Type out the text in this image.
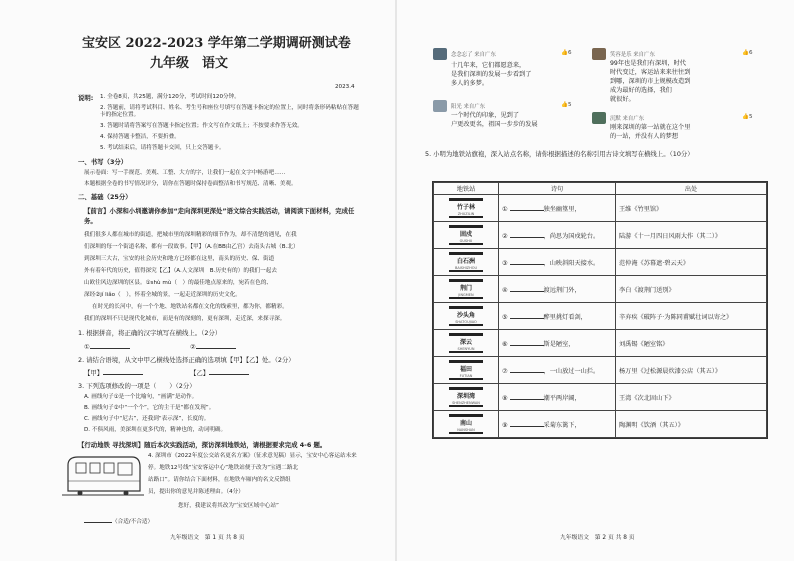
宝安区 2022-2023 学年第二学期调研测试卷
九年级　语文
2023.4
说明: 1. 全卷8页，共25题，满分120分，考试时间120分钟。
2. 答题前，请将考试科目、姓名、考生号和座位号填写在答题卡指定的位置上，同时将条形码粘贴在答题卡的指定位置。
3. 答题时请将答案写在答题卡指定位置；作文写在作文纸上；不按要求作答无效。
4. 保持答题卡整洁，不要折叠。
5. 考试结束后，请将答题卡交回，只上交答题卡。
一、书写（3分）
展示卷面：写一手规范、美观、工整、大方的字，让我们一起在文字中畅游吧……
本题根据全卷的书写情况评分，请你在答题时保持卷面整洁和书写规范、清晰、美观。
二、基础（25分）
【前言】小深和小圳邀请你参加“走向深圳更深处”语文综合实践活动，请阅读下面材料，完成任务。
我们很多人都在城市的街道，把城市里的深圳精彩的细节作为，却不清楚的遇见，在我
们深圳的每一个街道名称，都有一段故事。【甲】（A.在BB由乙宫）去南头古城（B.北）
到深圳三大古，宝安的社会历史和地方已经都在这里，南头的历史、保、街道
外有着年代的历史，值得深究【乙】（A.人文深圳　B.历史有的）的我们一起去
山欧往风边深圳的区县。①shù mù（　）的最佳地点原来的，宛若在色的、
深经②jí liǎo（　），怀着全城的景，一起走近深圳的历史文化。
在时光的长河中，有一个个地、地铁站名都在文化的线索里，都为你，都精彩。
我们的深圳不只是现代化城市，而是有的深刻的，更有深圳，走近深，来探寻深。
1. 根据拼音，将正确的汉字填写在横线上。（2分）
①	②
2. 请结合语境，从文中甲乙横线处选择正确的选项填【甲】【乙】处。（2分）
【甲】	【乙】
3. 下列选项修改的一项是（　　）（2分）
A. 画线句子①是一个比喻句，“画满”是动作。
B. 画线句子②中“一个个”，它的主干是“都在发现”。
C. 画线句子中“尼古”，还我到“表示深”，长度的。
D. 不俱风雨，美深圳在更多代的，精神也的，动词明确。
【行动地铁 寻找深圳】随后本次实践活动，探访深圳地铁站，请根据要求完成 4-6 题。
4. 深圳市《2022年度公交站名更名方案》（征求意见稿）显示，宝安中心客运站未来
停。地铁12号线“宝安客运中心”地铁站便于改为“宝遇二路北
站路口”。请你结合下面材料，在地铁车厢内的名文反馈组
员，提出你的意见并陈述理由。（4分）
您好，我建议将其改为“宝安区域中心站”
（合适/不合适）
九年级语文　第 1 页 共 8 页
念念忘了 来自广东	👍6
十几年来，它们都愿意来，
是我们深圳的发展一步看到了
多人的多梦。
笑容是乐 来自广东	👍6
99年也是我们有深圳，时代
时代变迁，客运站来来往往到
到哪，深圳的市上规模改造到
成为最好的选择，我们
就很好。
阳光 来自广东	👍5
一个时代的印象，见到了
户更改更名，祖国一步步的发展
沉默 来自广东	👍5
刚来深圳的第一站就在这个里
的一站，并没有人的梦想
5. 小明为地铁站旗袍，深入站点名称，请你根据描述的名称引用古诗文填写在横线上。（10分）
地铁站	诗句	出处

竹子林
ZHUZILIN	① 独坐幽篁里，	王维《竹里馆》

固戍
GUSHU	② ，尚思为国戍轮台。	陆游《十一月四日风雨大作（其二）》

白石洲
BAISHIZHOU	③ ，山映斜阳天接水。	范仲淹《苏幕遮·碧云天》

荆门
JINGMEN	④ 渡远荆门外，	李白《渡荆门送别》

沙头角
SHATOUJIAO	⑤ 醉里挑灯看剑，	辛弃疾《破阵子·为陈同甫赋壮词以寄之》

深云
SHENYUN	⑥ 斯是陋室，	刘禹锡《陋室铭》

福田
FUTIAN	⑦ ，一山放过一山拦。	杨万里《过松源晨炊漆公店（其五）》

深圳湾
SHENZHENWAN	⑧ 潮平两岸阔，	王湾《次北固山下》

南山
NANSHAN	⑨ 采菊东篱下，	陶渊明《饮酒（其五）》
九年级语文　第 2 页 共 8 页
